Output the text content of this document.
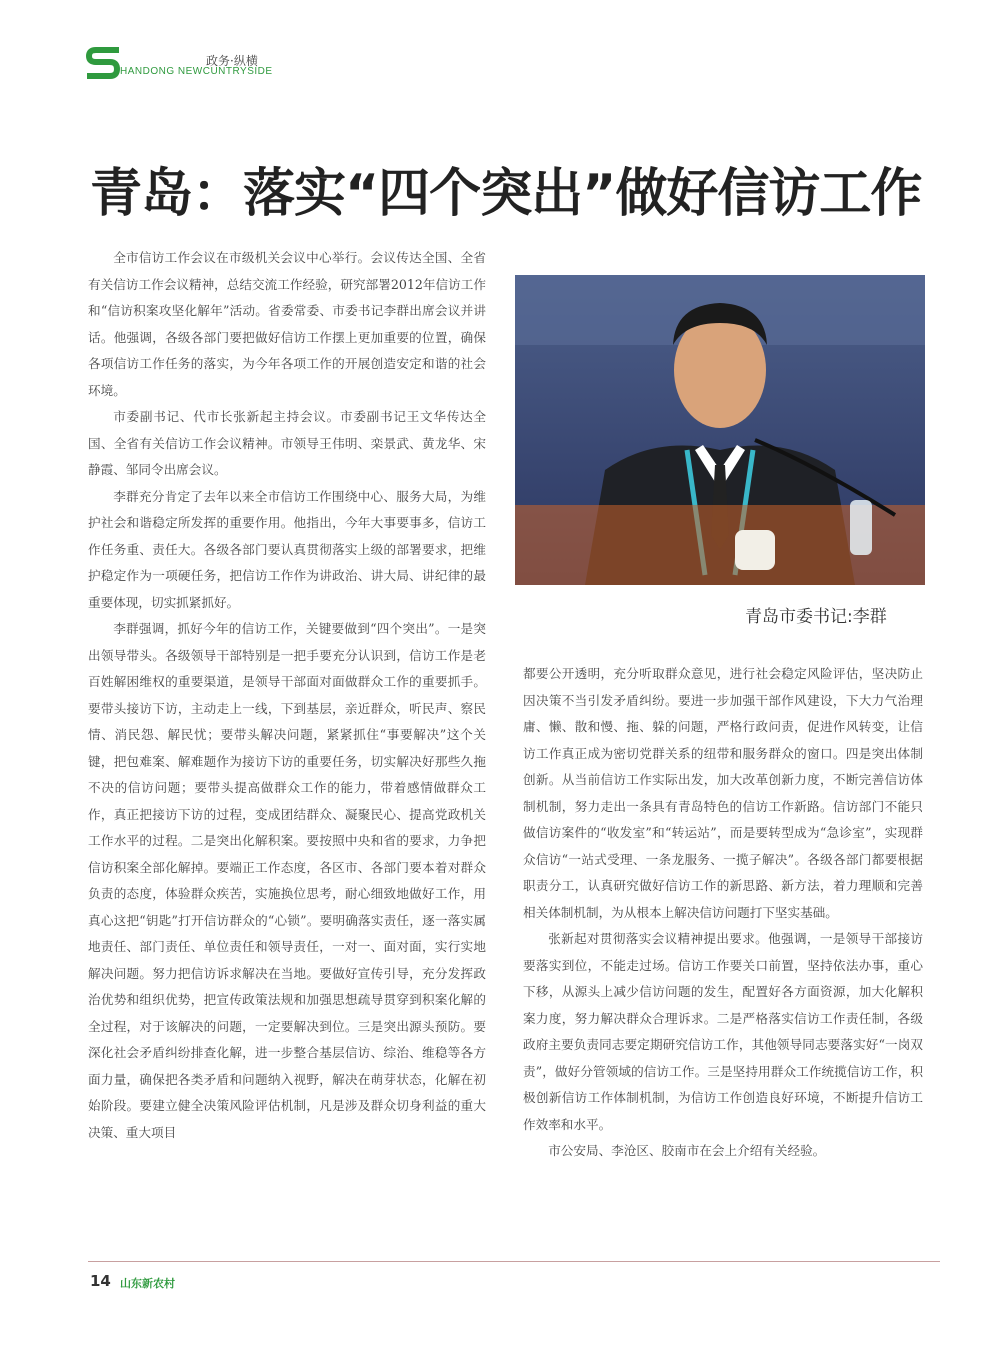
HANDONG NEWCUNTRYSIDE
政务·纵横
青岛：落实“四个突出”做好信访工作
青岛市委书记:李群

全市信访工作会议在市级机关会议中心举行。会议传达全国、全省有关信访工作会议精神，总结交流工作经验，研究部署2012年信访工作和“信访积案攻坚化解年”活动。省委常委、市委书记李群出席会议并讲话。他强调，各级各部门要把做好信访工作摆上更加重要的位置，确保各项信访工作任务的落实，为今年各项工作的开展创造安定和谐的社会环境。

市委副书记、代市长张新起主持会议。市委副书记王文华传达全国、全省有关信访工作会议精神。市领导王伟明、栾景武、黄龙华、宋静霞、邹同令出席会议。

李群充分肯定了去年以来全市信访工作围绕中心、服务大局，为维护社会和谐稳定所发挥的重要作用。他指出，今年大事要事多，信访工作任务重、责任大。各级各部门要认真贯彻落实上级的部署要求，把维护稳定作为一项硬任务，把信访工作作为讲政治、讲大局、讲纪律的最重要体现，切实抓紧抓好。

李群强调，抓好今年的信访工作，关键要做到“四个突出”。一是突出领导带头。各级领导干部特别是一把手要充分认识到，信访工作是老百姓解困维权的重要渠道，是领导干部面对面做群众工作的重要抓手。要带头接访下访，主动走上一线，下到基层，亲近群众，听民声、察民情、消民怨、解民忧；要带头解决问题，紧紧抓住“事要解决”这个关键，把包难案、解难题作为接访下访的重要任务，切实解决好那些久拖不决的信访问题；要带头提高做群众工作的能力，带着感情做群众工作，真正把接访下访的过程，变成团结群众、凝聚民心、提高党政机关工作水平的过程。二是突出化解积案。要按照中央和省的要求，力争把信访积案全部化解掉。要端正工作态度，各区市、各部门要本着对群众负责的态度，体验群众疾苦，实施换位思考，耐心细致地做好工作，用真心这把“钥匙”打开信访群众的“心锁”。要明确落实责任，逐一落实属地责任、部门责任、单位责任和领导责任，一对一、面对面，实行实地解决问题。努力把信访诉求解决在当地。要做好宣传引导，充分发挥政治优势和组织优势，把宣传政策法规和加强思想疏导贯穿到积案化解的全过程，对于该解决的问题，一定要解决到位。三是突出源头预防。要深化社会矛盾纠纷排查化解，进一步整合基层信访、综治、维稳等各方面力量，确保把各类矛盾和问题纳入视野，解决在萌芽状态，化解在初始阶段。要建立健全决策风险评估机制，凡是涉及群众切身利益的重大决策、重大项目

都要公开透明，充分听取群众意见，进行社会稳定风险评估，坚决防止因决策不当引发矛盾纠纷。要进一步加强干部作风建设，下大力气治理庸、懒、散和慢、拖、躲的问题，严格行政问责，促进作风转变，让信访工作真正成为密切党群关系的纽带和服务群众的窗口。四是突出体制创新。从当前信访工作实际出发，加大改革创新力度，不断完善信访体制机制，努力走出一条具有青岛特色的信访工作新路。信访部门不能只做信访案件的“收发室”和“转运站”，而是要转型成为“急诊室”，实现群众信访“一站式受理、一条龙服务、一揽子解决”。各级各部门都要根据职责分工，认真研究做好信访工作的新思路、新方法，着力理顺和完善相关体制机制，为从根本上解决信访问题打下坚实基础。

张新起对贯彻落实会议精神提出要求。他强调，一是领导干部接访要落实到位，不能走过场。信访工作要关口前置，坚持依法办事，重心下移，从源头上减少信访问题的发生，配置好各方面资源，加大化解积案力度，努力解决群众合理诉求。二是严格落实信访工作责任制，各级政府主要负责同志要定期研究信访工作，其他领导同志要落实好“一岗双责”，做好分管领域的信访工作。三是坚持用群众工作统揽信访工作，积极创新信访工作体制机制，为信访工作创造良好环境，不断提升信访工作效率和水平。

市公安局、李沧区、胶南市在会上介绍有关经验。

14 山东新农村
